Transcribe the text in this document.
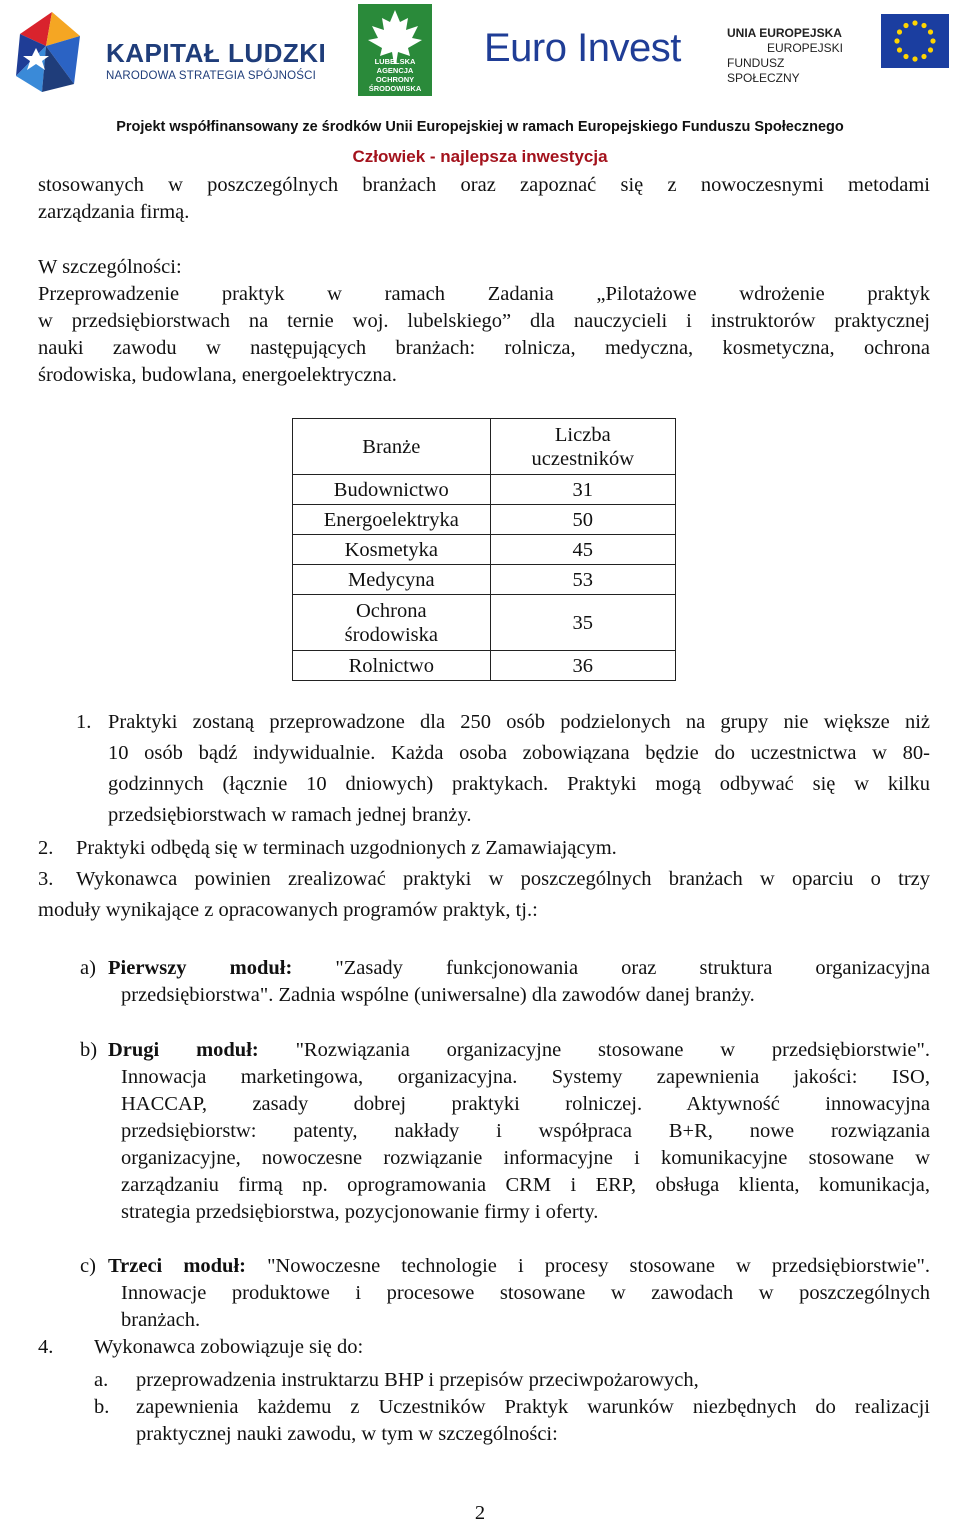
KAPITAŁ LUDZKI
NARODOWA STRATEGIA SPÓJNOŚCI
LUBELSKA AGENCJA OCHRONY ŚRODOWISKA
Euro Invest	UNIA EUROPEJSKA
EUROPEJSKI
FUNDUSZ SPOŁECZNY
Projekt współfinansowany ze środków Unii Europejskiej w ramach Europejskiego Funduszu Społecznego
Człowiek - najlepsza inwestycja
stosowanych w poszczególnych branżach oraz zapoznać się z nowoczesnymi metodami
zarządzania firmą.
W szczególności:
Przeprowadzenie praktyk w ramach Zadania „Pilotażowe wdrożenie praktyk
w przedsiębiorstwach na ternie woj. lubelskiego” dla nauczycieli i instruktorów praktycznej
nauki zawodu w następujących branżach: rolnicza, medyczna, kosmetyczna, ochrona
środowiska, budowlana, energoelektryczna.
Branże	Liczba
uczestników

Budownictwo	31
Energoelektryka	50
Kosmetyka	45
Medycyna	53

Ochrona
środowiska	35
Rolnictwo	36
1. Praktyki zostaną przeprowadzone dla 250 osób podzielonych na grupy nie większe niż
10 osób bądź indywidualnie. Każda osoba zobowiązana będzie do uczestnictwa w 80-
godzinnych (łącznie 10 dniowych) praktykach. Praktyki mogą odbywać się w kilku
przedsiębiorstwach w ramach jednej branży.
2. Praktyki odbędą się w terminach uzgodnionych z Zamawiającym.
3. Wykonawca powinien zrealizować praktyki w poszczególnych branżach w oparciu o trzy
moduły wynikające z opracowanych programów praktyk, tj.:
a) Pierwszy moduł: "Zasady funkcjonowania oraz struktura organizacyjna
przedsiębiorstwa". Zadnia wspólne (uniwersalne) dla zawodów danej branży.
b) Drugi moduł: "Rozwiązania organizacyjne stosowane w przedsiębiorstwie".
Innowacja marketingowa, organizacyjna. Systemy zapewnienia jakości: ISO,
HACCAP, zasady dobrej praktyki rolniczej. Aktywność innowacyjna
przedsiębiorstw: patenty, nakłady i współpraca B+R, nowe rozwiązania
organizacyjne, nowoczesne rozwiązanie informacyjne i komunikacyjne stosowane w
zarządzaniu firmą np. oprogramowania CRM i ERP, obsługa klienta, komunikacja,
strategia przedsiębiorstwa, pozycjonowanie firmy i oferty.
c) Trzeci moduł: "Nowoczesne technologie i procesy stosowane w przedsiębiorstwie".
Innowacje produktowe i procesowe stosowane w zawodach w poszczególnych
branżach.
4. Wykonawca zobowiązuje się do:
a. przeprowadzenia instruktarzu BHP i przepisów przeciwpożarowych,
b. zapewnienia każdemu z Uczestników Praktyk warunków niezbędnych do realizacji
praktycznej nauki zawodu, w tym w szczególności:
2
